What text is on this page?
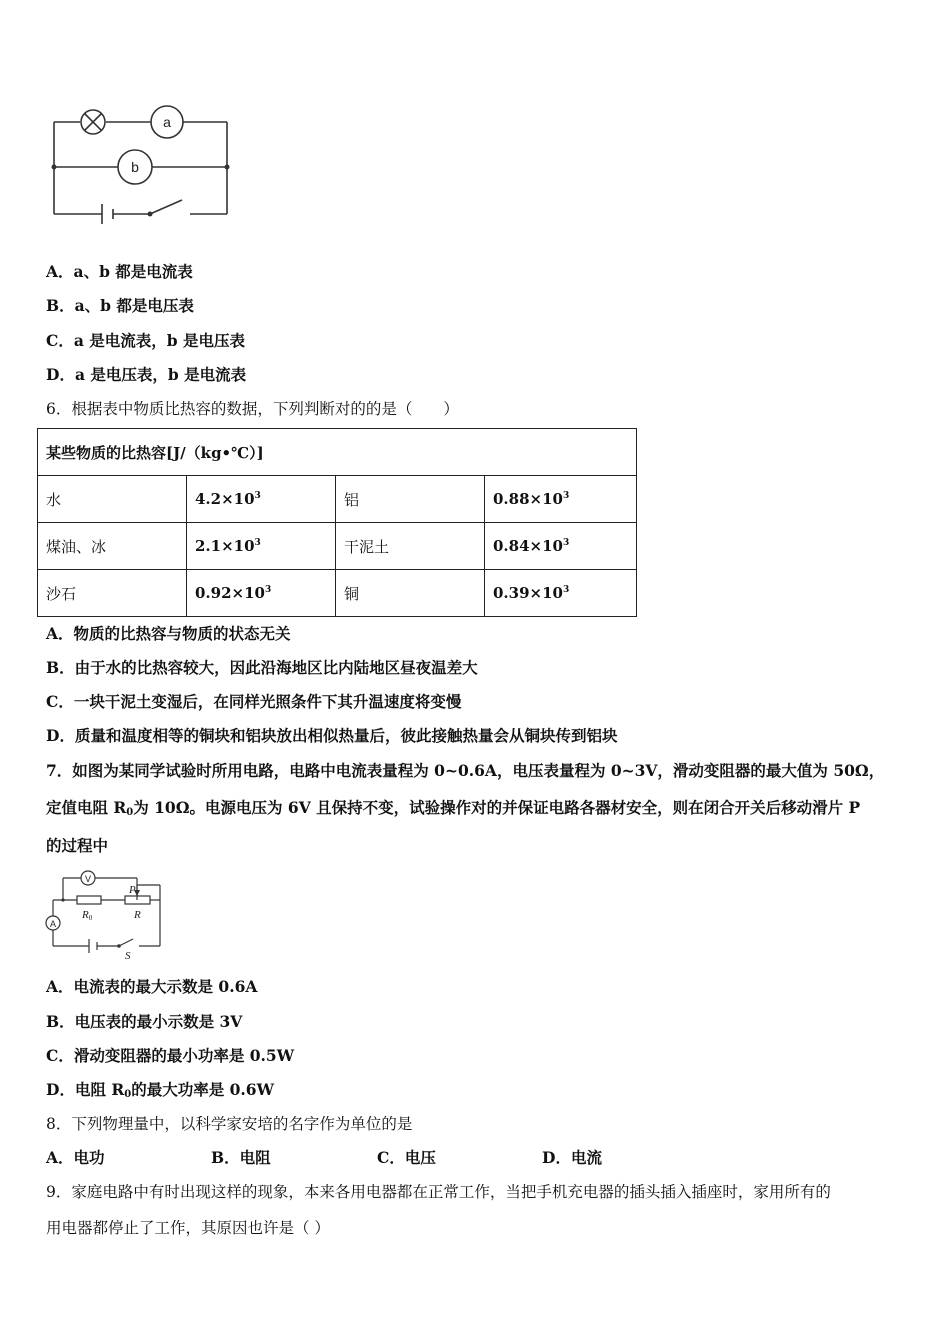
a
b
A．a、b 都是电流表
B．a、b 都是电压表
C．a 是电流表，b 是电压表
D．a 是电压表，b 是电流表
6．根据表中物质比热容的数据，下列判断对的的是（　　）
某些物质的比热容[J/（kg•℃）]			
水	$4.2\times 10^3$	铝	$0.88\times 10^3$
煤油、冰	$2.1\times 10^3$	干泥土	$0.84\times 10^3$
沙石	$0.92\times 10^3$	铜	$0.39\times 10^3$
A．物质的比热容与物质的状态无关
B．由于水的比热容较大，因此沿海地区比内陆地区昼夜温差大
C．一块干泥土变湿后，在同样光照条件下其升温速度将变慢
D．质量和温度相等的铜块和铝块放出相似热量后，彼此接触热量会从铜块传到铝块
7．如图为某同学试验时所用电路，电路中电流表量程为 0~0.6A，电压表量程为 0~3V，滑动变阻器的最大值为 50Ω，
定值电阻 $R_0$为 10Ω。电源电压为 6V 且保持不变，试验操作对的并保证电路各器材安全，则在闭合开关后移动滑片 P
的过程中
V
A
P
R0	R
S
A．电流表的最大示数是 0.6A
B．电压表的最小示数是 3V
C．滑动变阻器的最小功率是 0.5W
D．电阻 $R_0$的最大功率是 0.6W
8．下列物理量中，以科学家安培的名字作为单位的是
A．电功	B．电阻	C．电压	D．电流
9．家庭电路中有时出现这样的现象，本来各用电器都在正常工作，当把手机充电器的插头插入插座时，家用所有的
用电器都停止了工作，其原因也许是（ ）
